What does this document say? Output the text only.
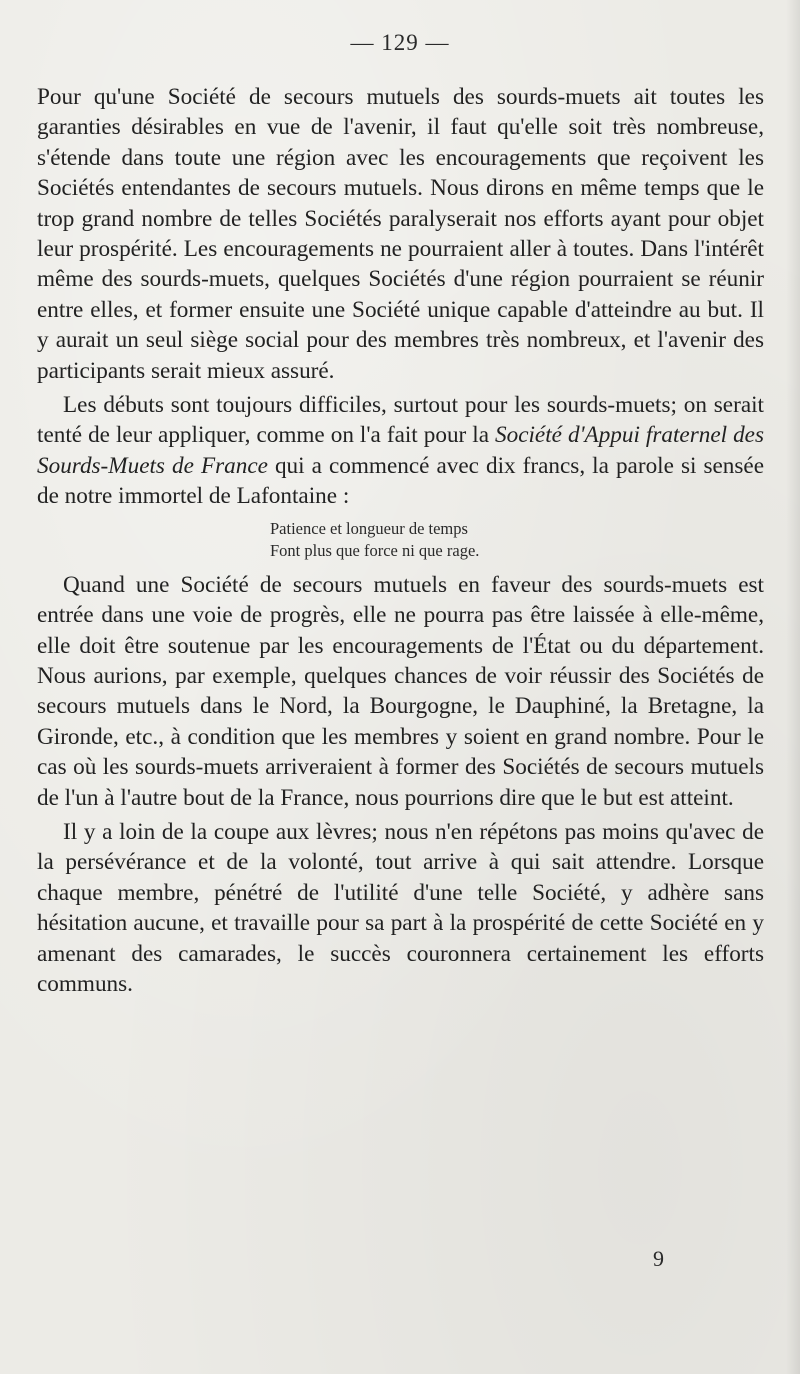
— 129 —

Pour qu'une Société de secours mutuels des sourds-muets ait toutes les garanties désirables en vue de l'avenir, il faut qu'elle soit très nombreuse, s'étende dans toute une région avec les encouragements que reçoivent les Sociétés entendantes de secours mutuels. Nous dirons en même temps que le trop grand nombre de telles Sociétés paralyserait nos efforts ayant pour objet leur prospérité. Les encouragements ne pourraient aller à toutes. Dans l'intérêt même des sourds-muets, quelques Sociétés d'une région pourraient se réunir entre elles, et former ensuite une Société unique capable d'atteindre au but. Il y aurait un seul siège social pour des membres très nombreux, et l'avenir des participants serait mieux assuré.

Les débuts sont toujours difficiles, surtout pour les sourds-muets; on serait tenté de leur appliquer, comme on l'a fait pour la Société d'Appui fraternel des Sourds-Muets de France qui a commencé avec dix francs, la parole si sensée de notre immortel de Lafontaine :

Patience et longueur de temps
Font plus que force ni que rage.

Quand une Société de secours mutuels en faveur des sourds-muets est entrée dans une voie de progrès, elle ne pourra pas être laissée à elle-même, elle doit être soutenue par les encouragements de l'État ou du département. Nous aurions, par exemple, quelques chances de voir réussir des Sociétés de secours mutuels dans le Nord, la Bourgogne, le Dauphiné, la Bretagne, la Gironde, etc., à condition que les membres y soient en grand nombre. Pour le cas où les sourds-muets arriveraient à former des Sociétés de secours mutuels de l'un à l'autre bout de la France, nous pourrions dire que le but est atteint.

Il y a loin de la coupe aux lèvres; nous n'en répétons pas moins qu'avec de la persévérance et de la volonté, tout arrive à qui sait attendre. Lorsque chaque membre, pénétré de l'utilité d'une telle Société, y adhère sans hésitation aucune, et travaille pour sa part à la prospérité de cette Société en y amenant des camarades, le succès couronnera certainement les efforts communs.

9
